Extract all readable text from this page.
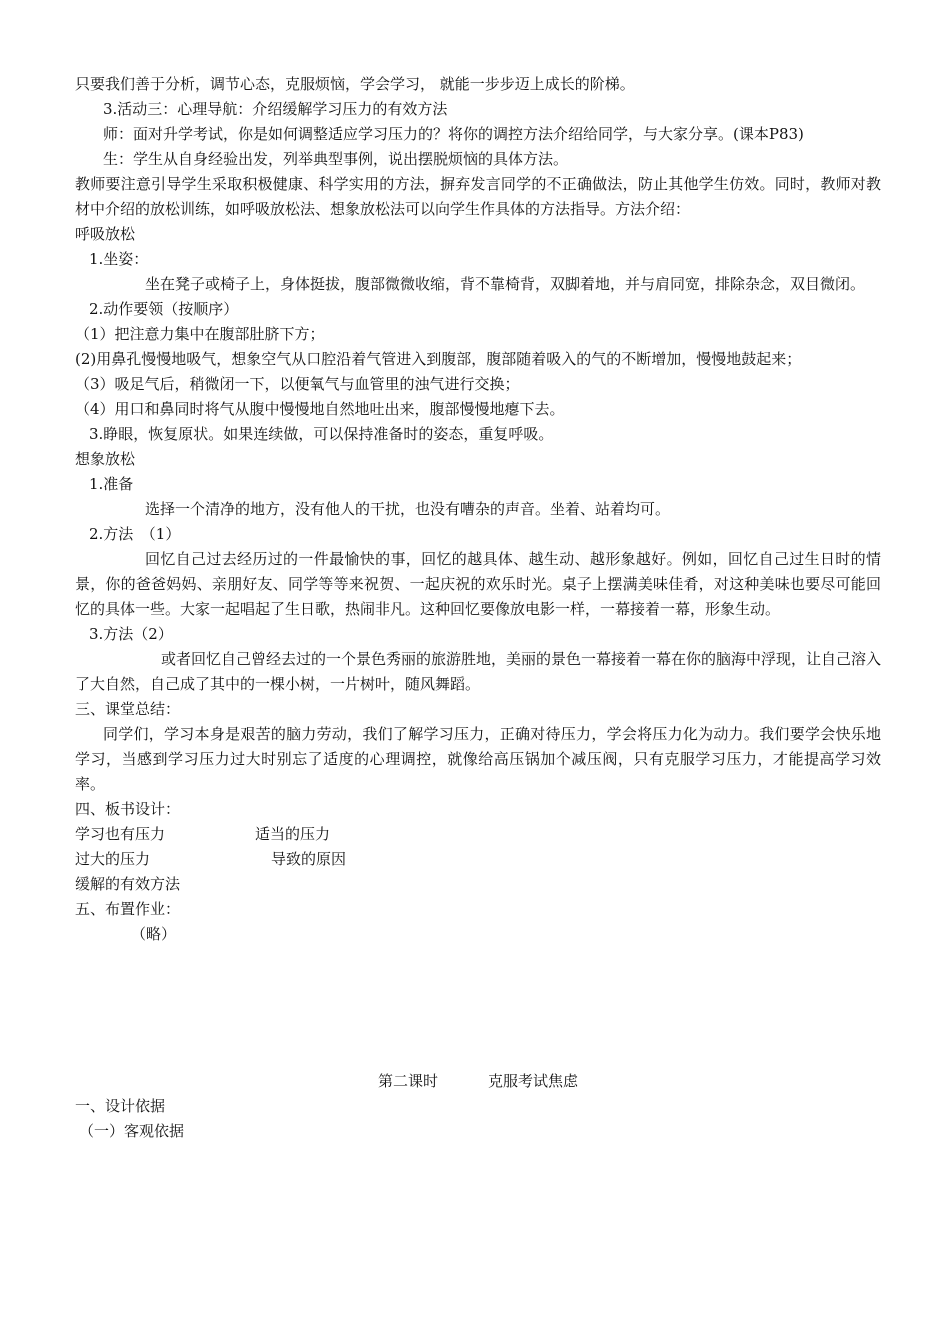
只要我们善于分析，调节心态，克服烦恼，学会学习， 就能一步步迈上成长的阶梯。

3.活动三：心理导航：介绍缓解学习压力的有效方法

师：面对升学考试，你是如何调整适应学习压力的？将你的调控方法介绍给同学，与大家分享。(课本P83)

生：学生从自身经验出发，列举典型事例，说出摆脱烦恼的具体方法。

教师要注意引导学生采取积极健康、科学实用的方法，摒弃发言同学的不正确做法，防止其他学生仿效。同时，教师对教材中介绍的放松训练，如呼吸放松法、想象放松法可以向学生作具体的方法指导。方法介绍：

呼吸放松

1.坐姿：

坐在凳子或椅子上，身体挺拔，腹部微微收缩，背不靠椅背，双脚着地，并与肩同宽，排除杂念，双目微闭。

2.动作要领（按顺序）

（1）把注意力集中在腹部肚脐下方；

(2)用鼻孔慢慢地吸气，想象空气从口腔沿着气管进入到腹部，腹部随着吸入的气的不断增加，慢慢地鼓起来；

（3）吸足气后，稍微闭一下，以便氧气与血管里的浊气进行交换；

（4）用口和鼻同时将气从腹中慢慢地自然地吐出来，腹部慢慢地瘪下去。

3.睁眼，恢复原状。如果连续做，可以保持准备时的姿态，重复呼吸。

想象放松

1.准备

选择一个清净的地方，没有他人的干扰，也没有嘈杂的声音。坐着、站着均可。

2.方法　（1）

回忆自己过去经历过的一件最愉快的事，回忆的越具体、越生动、越形象越好。例如，回忆自己过生日时的情景，你的爸爸妈妈、亲朋好友、同学等等来祝贺、一起庆祝的欢乐时光。桌子上摆满美味佳肴，对这种美味也要尽可能回忆的具体一些。大家一起唱起了生日歌，热闹非凡。这种回忆要像放电影一样，一幕接着一幕，形象生动。

3.方法（2）

或者回忆自己曾经去过的一个景色秀丽的旅游胜地，美丽的景色一幕接着一幕在你的脑海中浮现，让自己溶入了大自然，自己成了其中的一棵小树，一片树叶，随风舞蹈。

三、课堂总结：

同学们，学习本身是艰苦的脑力劳动，我们了解学习压力，正确对待压力，学会将压力化为动力。我们要学会快乐地学习，当感到学习压力过大时别忘了适度的心理调控，就像给高压锅加个减压阀，只有克服学习压力，才能提高学习效率。

四、板书设计：

学习也有压力	适当的压力
过大的压力	导致的原因
缓解的有效方法

五、布置作业：

（略）

第二课时	克服考试焦虑

一、设计依据

（一）客观依据
